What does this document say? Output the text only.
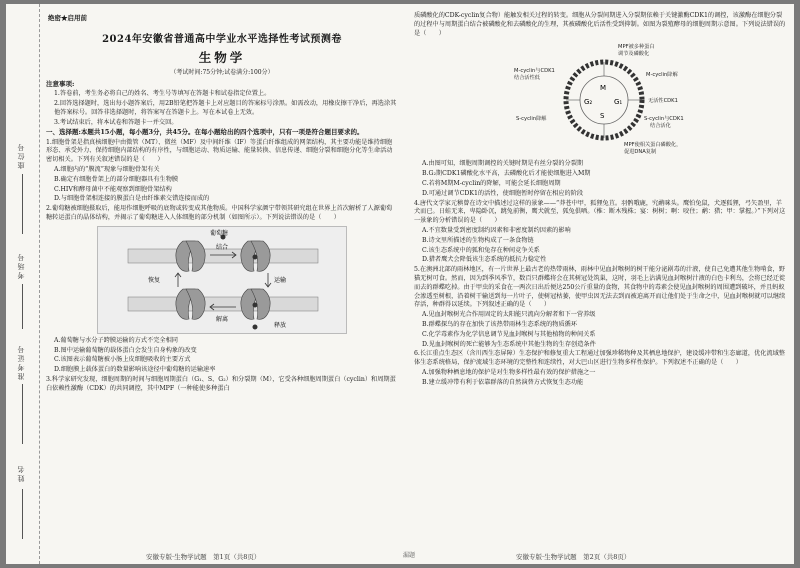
座位号
考场号
准考证号
姓名
绝密★启用前
2024年安徽省普通高中学业水平选择性考试预测卷
生物学
（考试时间:75分钟;试卷满分:100分）

注意事项:

1.答卷前，考生务必将自己的姓名、考生号等填写在答题卡和试卷指定位置上。

2.回答选择题时，选出每小题答案后，用2B铅笔把答题卡上对应题目的答案标号涂黑。如需改动，用橡皮擦干净后，再选涂其他答案标号。回答非选择题时，将答案写在答题卡上。写在本试卷上无效。

3.考试结束后，将本试卷和答题卡一并交回。

一、选择题:本题共15小题，每小题3分，共45分。在每小题给出的四个选项中，只有一项是符合题目要求的。

1.细胞骨架是指真核细胞中由微管（MT）、微丝（MF）及中间纤维（IF）等蛋白纤维组成的网架结构，其主要功能是维持细胞形态、承受外力、保持细胞内部结构的有序性，与细胞运动、物质运输、能量转换、信息传递、细胞分裂和细胞分化等生命活动密切相关。下列有关叙述错误的是（　　）

A.细胞内的“膜流”现象与细胞骨架有关

B.确定有细胞骨架上的部分细胞器具有生物膜

C.HIV和酵母菌中不能观察到细胞骨架结构

D.与细胞骨架相连接的膜蛋白是由纤维素交错连接而成的

2.葡萄糖被细胞摄取后，能用作细胞呼吸的底物或转变成其他物质。中国科学家颜宁带领其研究组在世界上首次解析了人源葡萄糖转运蛋白的晶体结构，并揭示了葡萄糖进入人体细胞的部分机制（如图所示）。下列说法错误的是（　　）

葡萄糖
结合
运输
恢复
释放
解离

A.葡萄糖与水分子跨膜运输的方式不完全相同

B.图中运输葡萄糖的载体蛋白会发生自身构象的改变

C.该图表示葡萄糖被小肠上皮细胞吸收的主要方式

D.细胞膜上载体蛋白的数量影响该途径中葡萄糖的运输速率

3.科学家研究发现，细胞周期的时间与细胞周期蛋白（G₁、S、G₂）和分裂期（M），它受各种细胞周期蛋白（cyclin）和周期蛋白依赖性激酶（CDK）的共同调控，其中MPF（一种能使多种蛋白

质磷酸化的CDK-cyclin复合物）能触发相关过程的转变。细胞从分裂间期进入分裂期依赖于关键激酶CDK1的调控，该激酶在细胞分裂的过程中与周期蛋白结合被磷酸化和去磷酸化的生理，其被磷酸化后活性受到抑制。如图为裂殖酵母的细胞周期示意图。下列说法错误的是（　　）

M
G₁
S
G₂
MPF被多种蛋白
调节及磷酸化
M-cyclin与CDK1
结合活性低	M-cyclin降解
无活性CDK1
S-cyclin降解	S-cyclin与CDK1
结合活化
MPF使相关蛋白磷酸化，
促进DNA复制

A.由图可知，细胞周期调控的关键时期是有丝分裂的分裂期

B.G₂期CDK1磷酸化水平高，去磷酸化后才能使细胞进入M期

C.若将M期M-cyclin的降解，可能会延长细胞周期

D.可通过调节CDK1的活性，使细胞暂时停留在相应的阶段

4.唐代文学家元稹曾在诗文中描述过这样的景象——“莽苍中甲，狐狸兔苴。羽鹘哦鹿，究鹬咪头。鹰怕兔鼠，犬逐狐狸，弓矢盈里，羊犬而已。日蛙无来，卑隐卧沉，跳兔前衡，鹰犬就至，狐兔俱哂。（椎：断木残株；宴：树树；啊：咬住；鹬：猎；甲：掌握。）”下列对这一景象的分析错误的是（　　）

A.不宜数量受到密度制约因素和非密度制约因素的影响

B.诗文里所描述的生物构成了一条食物链

C.该生态系统中的狐和兔存在种间竞争关系

D.猎者鹰犬会降低该生态系统的抵抗力稳定性

5.在澳洲北部的雨林地区，有一片世界上最古老的热带雨林，雨林中见血封喉树的树干能分泌剧毒的汁液，使自己免遭其他生物啃食，野猫无树可食。然而，因为到季风季节，数百只群蝶将会在其树冠处筑巢，这时，羽毛上沾满见血封喉树汁液的白色卡利鸟，会将已经迁徙而去的群蝶吃掉。由于甲虫的采食在一两次日出后便达250公斤重量的食物，其食物中的毒素会使见血封喉树的周围遭到破坏，并且蚂蚁会渗透至树根，沿着树干输送到每一片叶子，使树冠枯萎，使甲虫因无法去到而被迫离开而让他们处于生命之中，见血封喉树就可以继续存活，种群得以延续。下列叙述正确的是（　　）

A.见血封喉树光合作用固定的太阳能只流向分解者和下一营养级

B.群蝶探鸟的存在加快了该热带雨林生态系统的物质循环

C.化学毒素作为化学信息调节见血封喉树与其他植物的种间关系

D.见血封喉树的死亡能够为生态系统中其他生物的生存创造条件

6.长江重点生态区（含川西生态屏障）生态保护和修复重大工程通过加强珍稀物种及其栖息地保护，建设缓冲带和生态廊道，优化流域整体生态系统格局，保护流域生态环境的完整性和连续性，对大巴山区进行生物多样性保护。下列叙述不正确的是（　　）

A.加强物种栖息地的保护是对生物多样性最有效的保护措施之一

B.建立缓冲带有利于依靠群落的自然演替方式恢复生态功能

安徽专版·生物学试题　第1页（共8页）	漏题	安徽专版·生物学试题　第2页（共8页）
